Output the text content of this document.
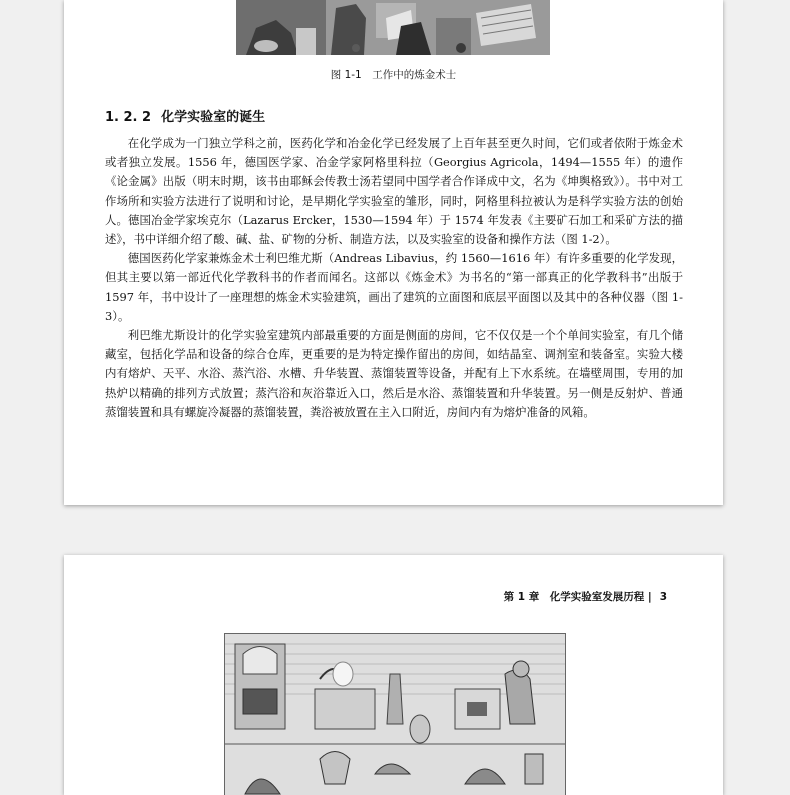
图 1-1　工作中的炼金术士
1. 2. 2 化学实验室的诞生

在化学成为一门独立学科之前，医药化学和冶金化学已经发展了上百年甚至更久时间，它们或者依附于炼金术或者独立发展。1556 年，德国医学家、冶金学家阿格里科拉（Georgius Agricola，1494—1555 年）的遗作《论金属》出版（明末时期，该书由耶稣会传教士汤若望同中国学者合作译成中文，名为《坤舆格致》）。书中对工作场所和实验方法进行了说明和讨论，是早期化学实验室的雏形，同时，阿格里科拉被认为是科学实验方法的创始人。德国冶金学家埃克尔（Lazarus Ercker，1530—1594 年）于 1574 年发表《主要矿石加工和采矿方法的描述》，书中详细介绍了酸、碱、盐、矿物的分析、制造方法，以及实验室的设备和操作方法（图 1-2）。

德国医药化学家兼炼金术士利巴维尤斯（Andreas Libavius，约 1560—1616 年）有许多重要的化学发现，但其主要以第一部近代化学教科书的作者而闻名。这部以《炼金术》为书名的“第一部真正的化学教科书”出版于 1597 年，书中设计了一座理想的炼金术实验建筑，画出了建筑的立面图和底层平面图以及其中的各种仪器（图 1-3）。

利巴维尤斯设计的化学实验室建筑内部最重要的方面是侧面的房间，它不仅仅是一个个单间实验室，有几个储藏室，包括化学品和设备的综合仓库，更重要的是为特定操作留出的房间，如结晶室、调剂室和装备室。实验大楼内有熔炉、天平、水浴、蒸汽浴、水槽、升华装置、蒸馏装置等设备，并配有上下水系统。在墙壁周围，专用的加热炉以精确的排列方式放置；蒸汽浴和灰浴靠近入口，然后是水浴、蒸馏装置和升华装置。另一侧是反射炉、普通蒸馏装置和具有螺旋冷凝器的蒸馏装置，粪浴被放置在主入口附近，房间内有为熔炉准备的风箱。

第 1 章　化学实验室发展历程 | 3
